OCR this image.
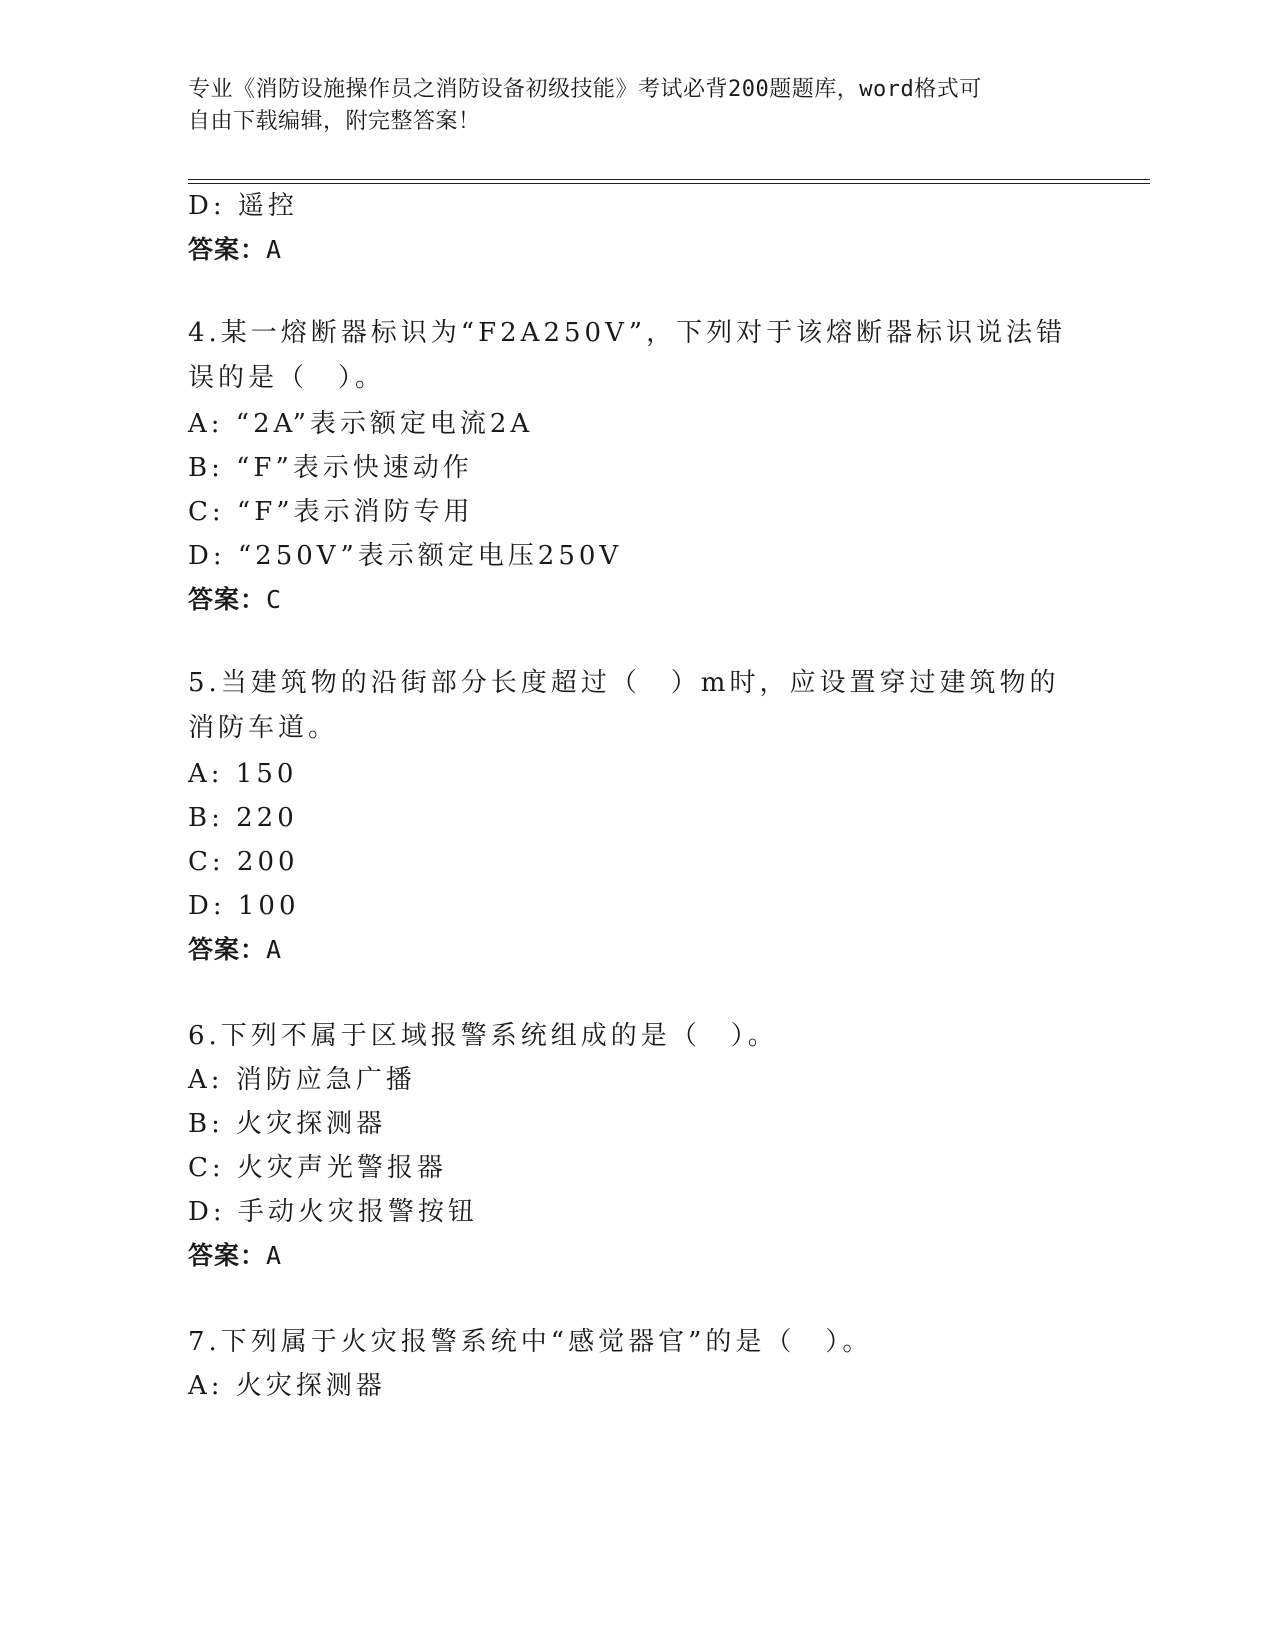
专业《消防设施操作员之消防设备初级技能》考试必背200题题库，word格式可
自由下载编辑，附完整答案！
D: 遥控
答案：A
4.某一熔断器标识为“F2A250V”，下列对于该熔断器标识说法错误的是（　）。
A: “2A”表示额定电流2A
B: “F”表示快速动作
C: “F”表示消防专用
D: “250V”表示额定电压250V
答案：C
5.当建筑物的沿街部分长度超过（　）m时，应设置穿过建筑物的消防车道。
A: 150
B: 220
C: 200
D: 100
答案：A
6.下列不属于区域报警系统组成的是（　）。
A: 消防应急广播
B: 火灾探测器
C: 火灾声光警报器
D: 手动火灾报警按钮
答案：A
7.下列属于火灾报警系统中“感觉器官”的是（　）。
A: 火灾探测器
